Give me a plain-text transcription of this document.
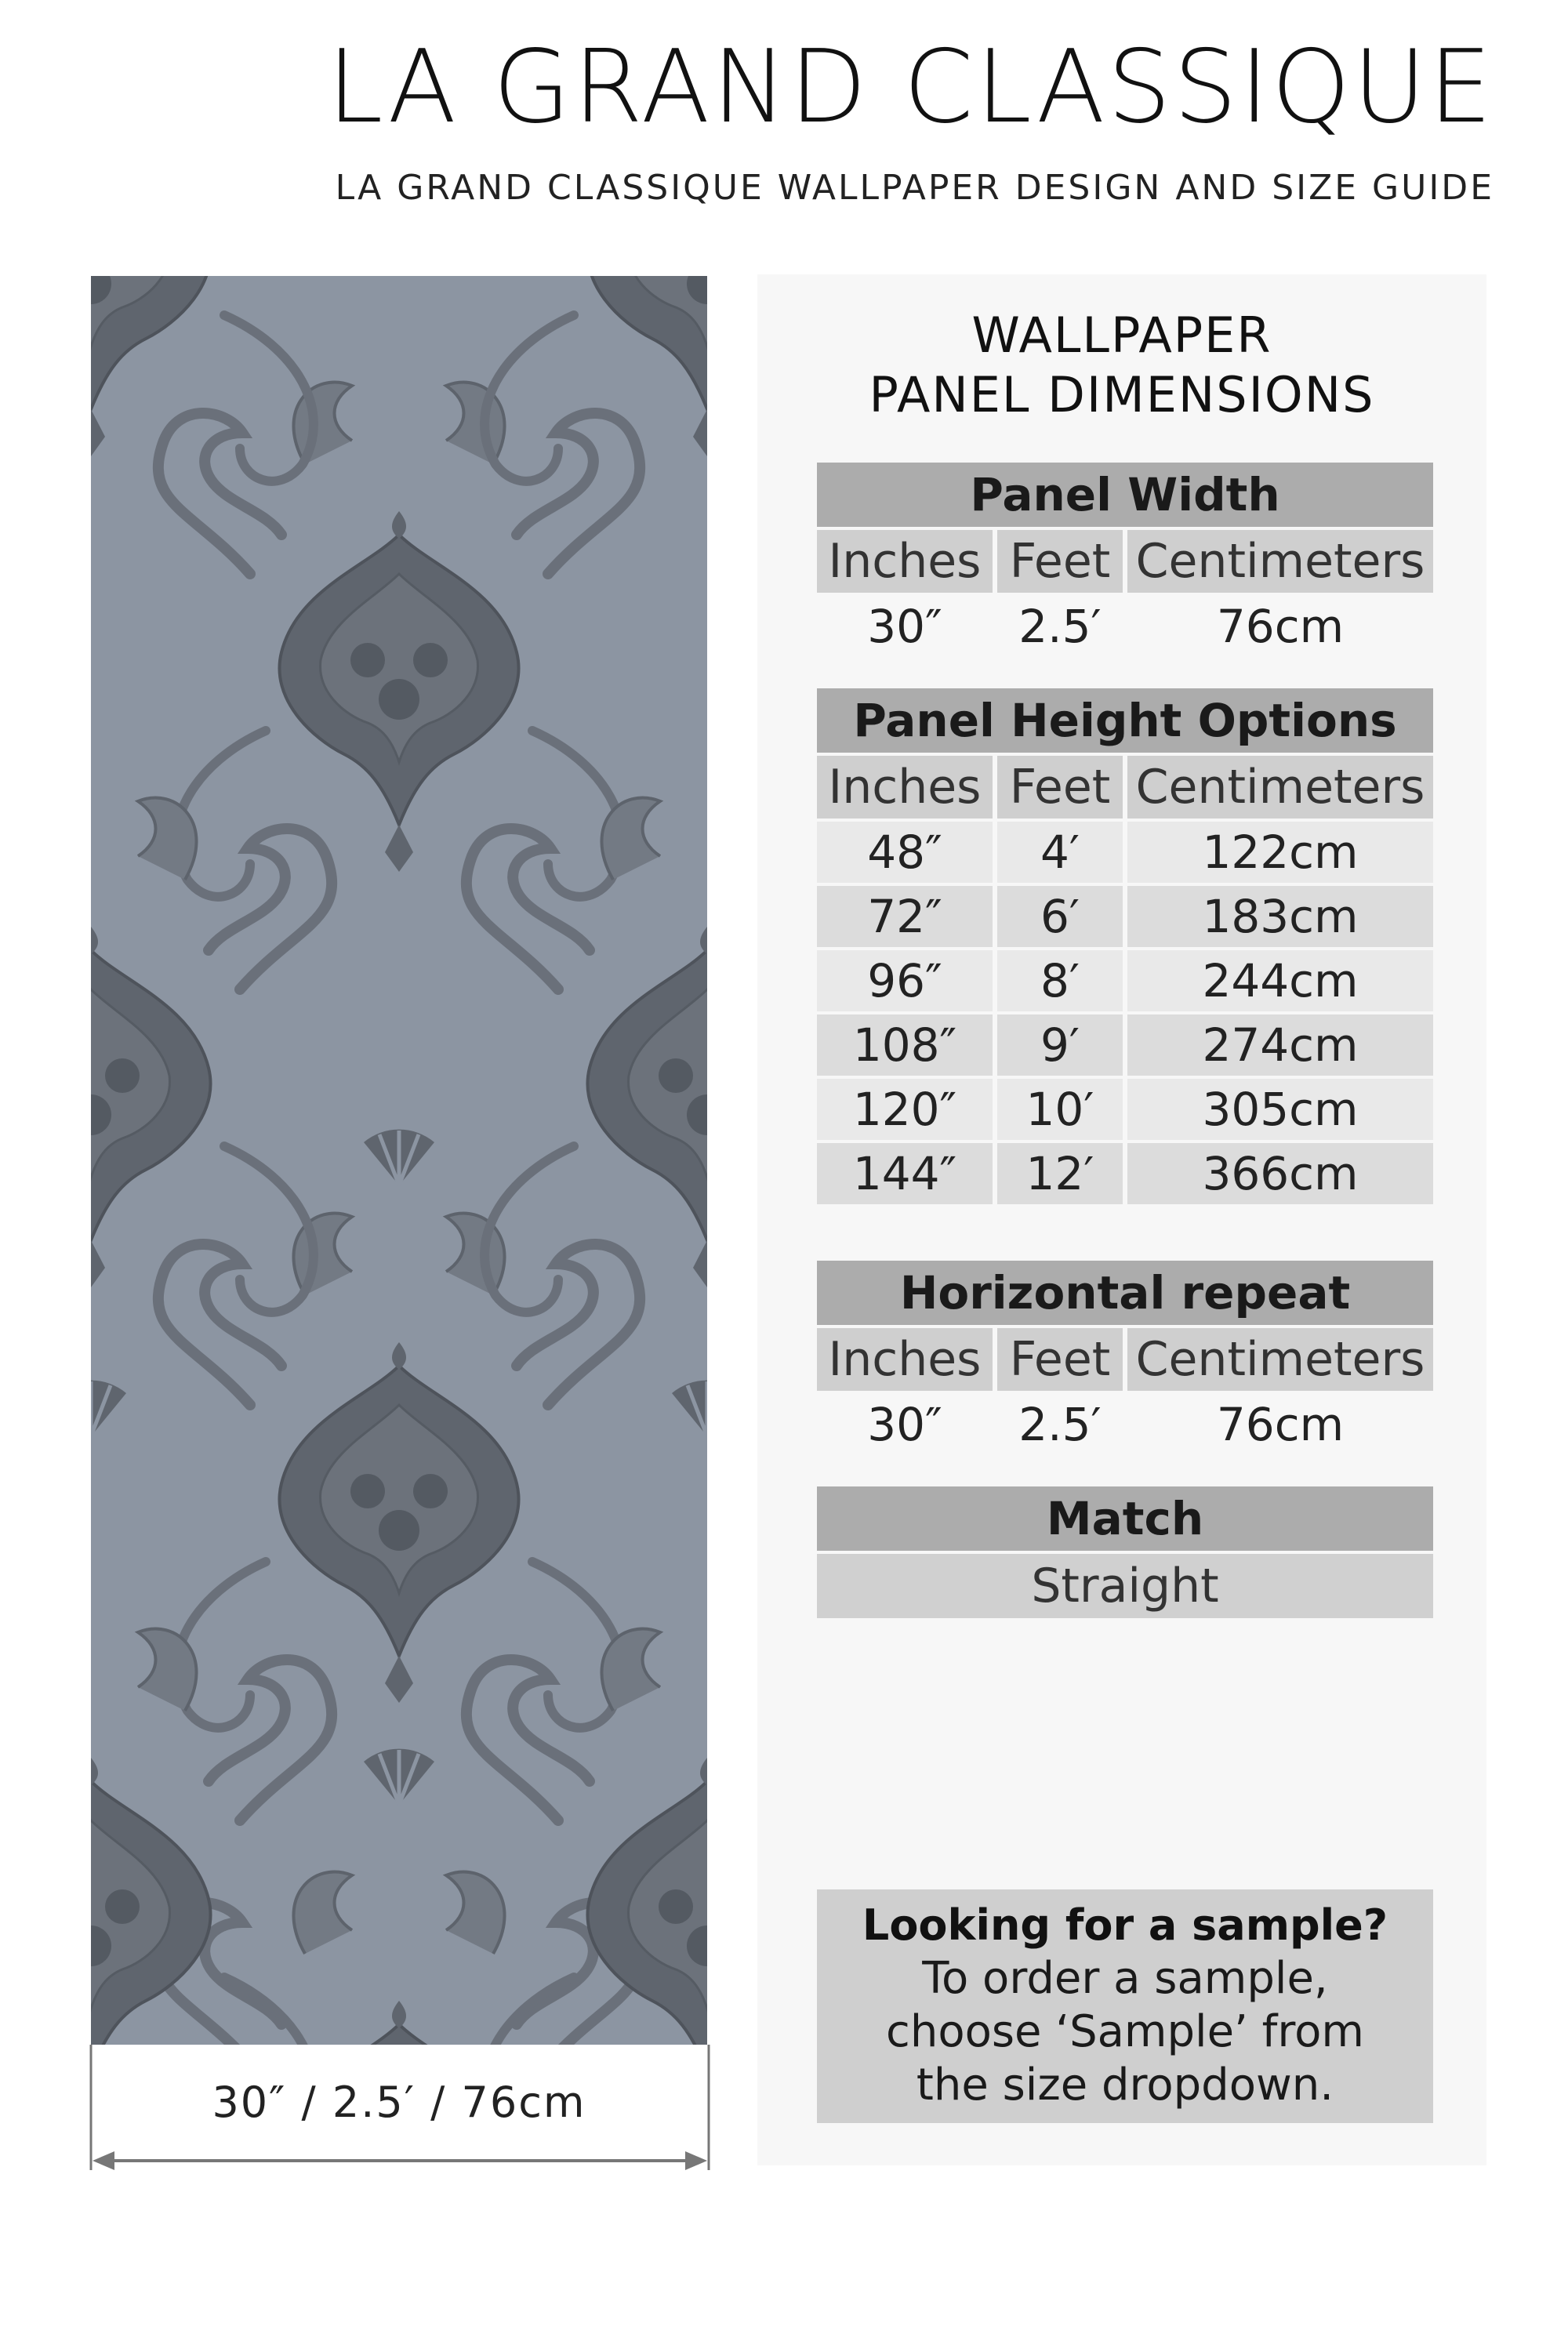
LA GRAND CLASSIQUE
LA GRAND CLASSIQUE WALLPAPER DESIGN AND SIZE GUIDE
30″ / 2.5′ / 76cm
WALLPAPER
PANEL DIMENSIONS
Panel Width		
Inches	Feet	Centimeters
30″	2.5′	76cm
Panel Height Options		
Inches	Feet	Centimeters
48″	4′	122cm
72″	6′	183cm
96″	8′	244cm
108″	9′	274cm
120″	10′	305cm
144″	12′	366cm
Horizontal repeat		
Inches	Feet	Centimeters
30″	2.5′	76cm
Match
Straight
Looking for a sample?
To order a sample,
choose ‘Sample’ from
the size dropdown.
